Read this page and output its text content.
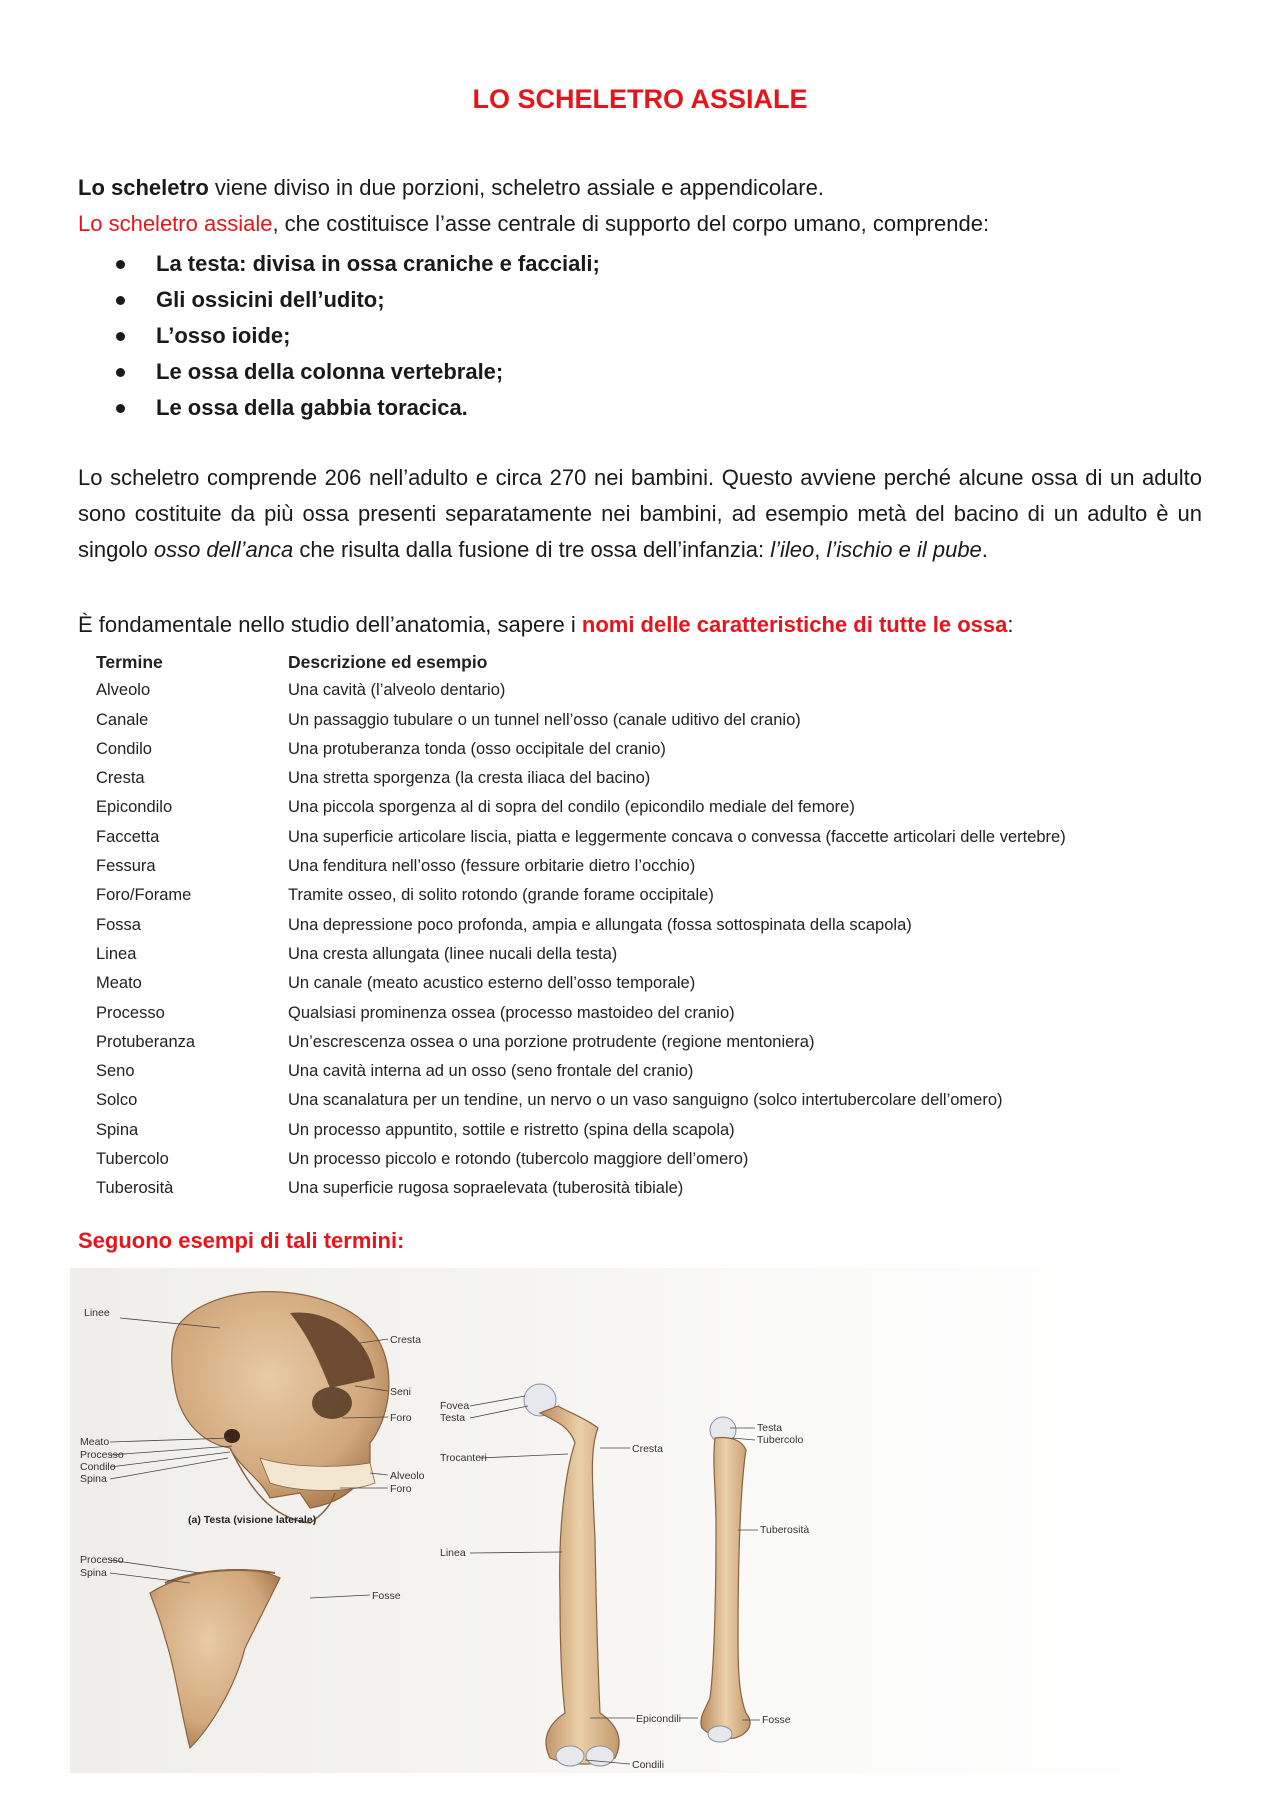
LO SCHELETRO ASSIALE
Lo scheletro viene diviso in due porzioni, scheletro assiale e appendicolare.
Lo scheletro assiale, che costituisce l’asse centrale di supporto del corpo umano, comprende:
La testa: divisa in ossa craniche e facciali;
Gli ossicini dell’udito;
L’osso ioide;
Le ossa della colonna vertebrale;
Le ossa della gabbia toracica.

Lo scheletro comprende 206 nell’adulto e circa 270 nei bambini. Questo avviene perché alcune ossa di un adulto sono costituite da più ossa presenti separatamente nei bambini, ad esempio metà del bacino di un adulto è un singolo osso dell’anca che risulta dalla fusione di tre ossa dell’infanzia: l’ileo, l’ischio e il pube.

È fondamentale nello studio dell’anatomia, sapere i nomi delle caratteristiche di tutte le ossa:
Termine	Descrizione ed esempio
Alveolo	Una cavità (l’alveolo dentario)
Canale	Un passaggio tubulare o un tunnel nell’osso (canale uditivo del cranio)
Condilo	Una protuberanza tonda (osso occipitale del cranio)
Cresta	Una stretta sporgenza (la cresta iliaca del bacino)
Epicondilo	Una piccola sporgenza al di sopra del condilo (epicondilo mediale del femore)
Faccetta	Una superficie articolare liscia, piatta e leggermente concava o convessa (faccette articolari delle vertebre)
Fessura	Una fenditura nell’osso (fessure orbitarie dietro l’occhio)
Foro/Forame	Tramite osseo, di solito rotondo (grande forame occipitale)
Fossa	Una depressione poco profonda, ampia e allungata (fossa sottospinata della scapola)
Linea	Una cresta allungata (linee nucali della testa)
Meato	Un canale (meato acustico esterno dell’osso temporale)
Processo	Qualsiasi prominenza ossea (processo mastoideo del cranio)
Protuberanza	Un’escrescenza ossea o una porzione protrudente (regione mentoniera)
Seno	Una cavità interna ad un osso (seno frontale del cranio)
Solco	Una scanalatura per un tendine, un nervo o un vaso sanguigno (solco intertubercolare dell’omero)
Spina	Un processo appuntito, sottile e ristretto (spina della scapola)
Tubercolo	Un processo piccolo e rotondo (tubercolo maggiore dell’omero)
Tuberosità	Una superficie rugosa sopraelevata (tuberosità tibiale)
Seguono esempi di tali termini:
Linee
Cresta
Seni
Foro
Meato
Processo
Condilo
Spina	Alveolo
Foro
(a) Testa (visione laterale)
Processo
Spina
Fosse
Fovea
Testa
Trocanteri
Cresta
Linea
Epicondili
Condili
Testa
Tubercolo
Tuberosità
Fosse
